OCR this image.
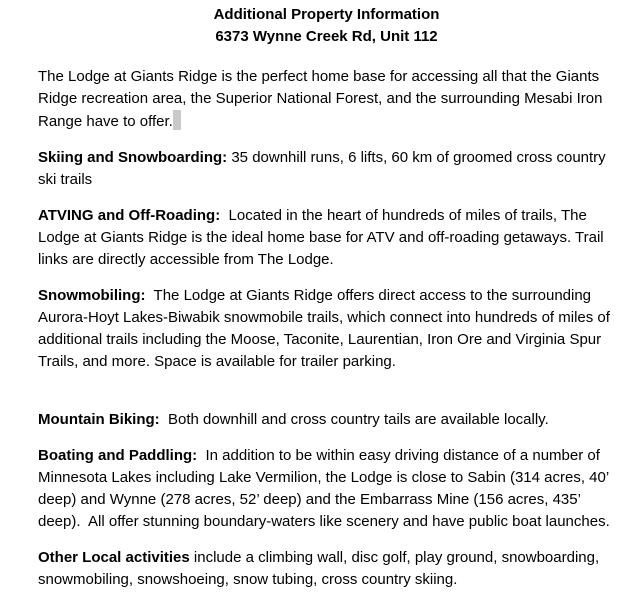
Additional Property Information
6373 Wynne Creek Rd, Unit 112

The Lodge at Giants Ridge is the perfect home base for accessing all that the Giants Ridge recreation area, the Superior National Forest, and the surrounding Mesabi Iron Range have to offer.

Skiing and Snowboarding: 35 downhill runs, 6 lifts, 60 km of groomed cross country ski trails

ATVING and Off-Roading:  Located in the heart of hundreds of miles of trails, The Lodge at Giants Ridge is the ideal home base for ATV and off-roading getaways. Trail links are directly accessible from The Lodge.

Snowmobiling:  The Lodge at Giants Ridge offers direct access to the surrounding Aurora-Hoyt Lakes-Biwabik snowmobile trails, which connect into hundreds of miles of additional trails including the Moose, Taconite, Laurentian, Iron Ore and Virginia Spur Trails, and more. Space is available for trailer parking.

Mountain Biking:  Both downhill and cross country tails are available locally.

Boating and Paddling:  In addition to be within easy driving distance of a number of Minnesota Lakes including Lake Vermilion, the Lodge is close to Sabin (314 acres, 40’ deep) and Wynne (278 acres, 52’ deep) and the Embarrass Mine (156 acres, 435’ deep).  All offer stunning boundary-waters like scenery and have public boat launches.

Other Local activities include a climbing wall, disc golf, play ground, snowboarding, snowmobiling, snowshoeing, snow tubing, cross country skiing.
